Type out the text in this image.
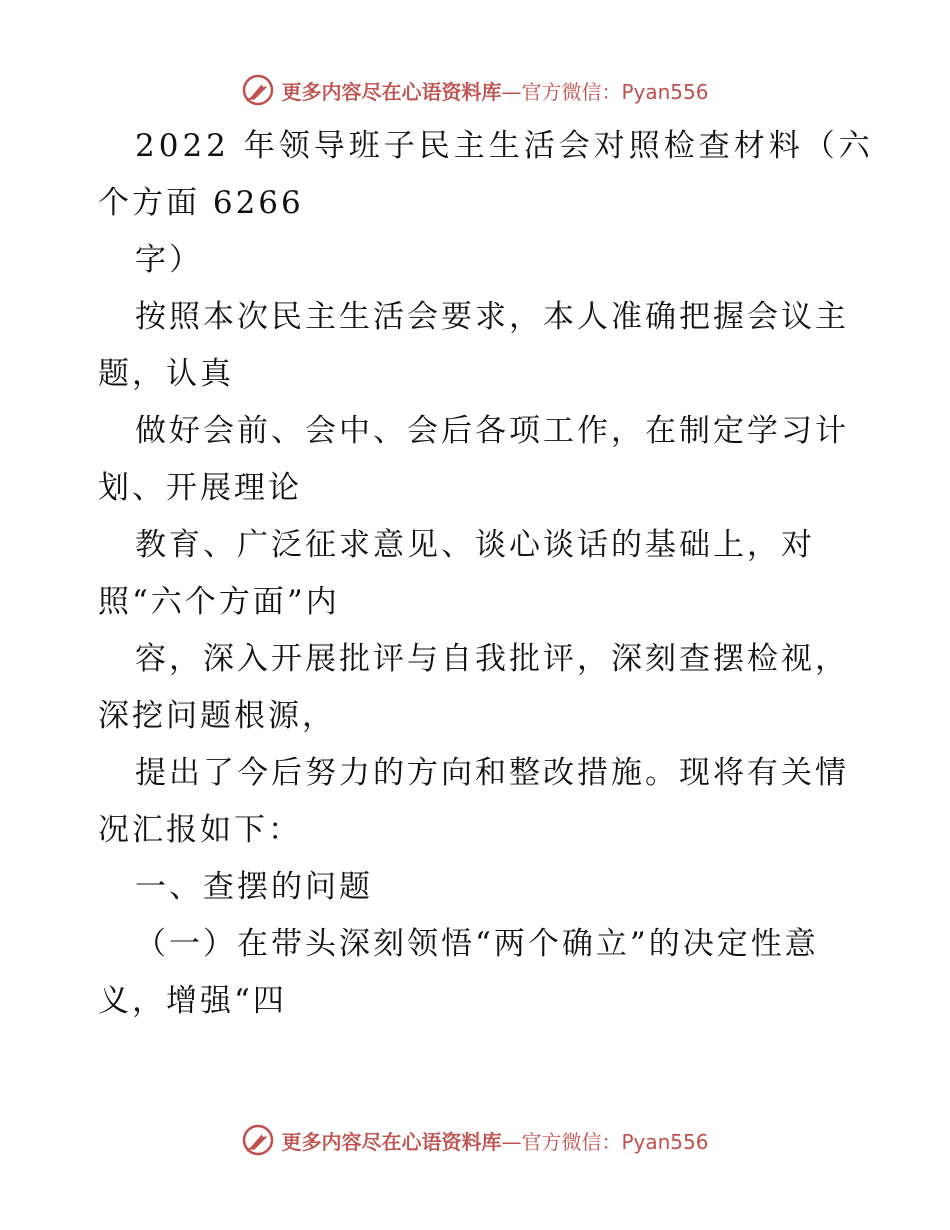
更多内容尽在心语资料库—官方微信：Pyan556
2022 年领导班子民主生活会对照检查材料（六
个方面 6266
字）
按照本次民主生活会要求，本人准确把握会议主
题，认真
做好会前、会中、会后各项工作，在制定学习计
划、开展理论
教育、广泛征求意见、谈心谈话的基础上，对
照“六个方面”内
容，深入开展批评与自我批评，深刻查摆检视，
深挖问题根源，
提出了今后努力的方向和整改措施。现将有关情
况汇报如下：
一、查摆的问题
（一）在带头深刻领悟“两个确立”的决定性意
义，增强“四
更多内容尽在心语资料库—官方微信：Pyan556
